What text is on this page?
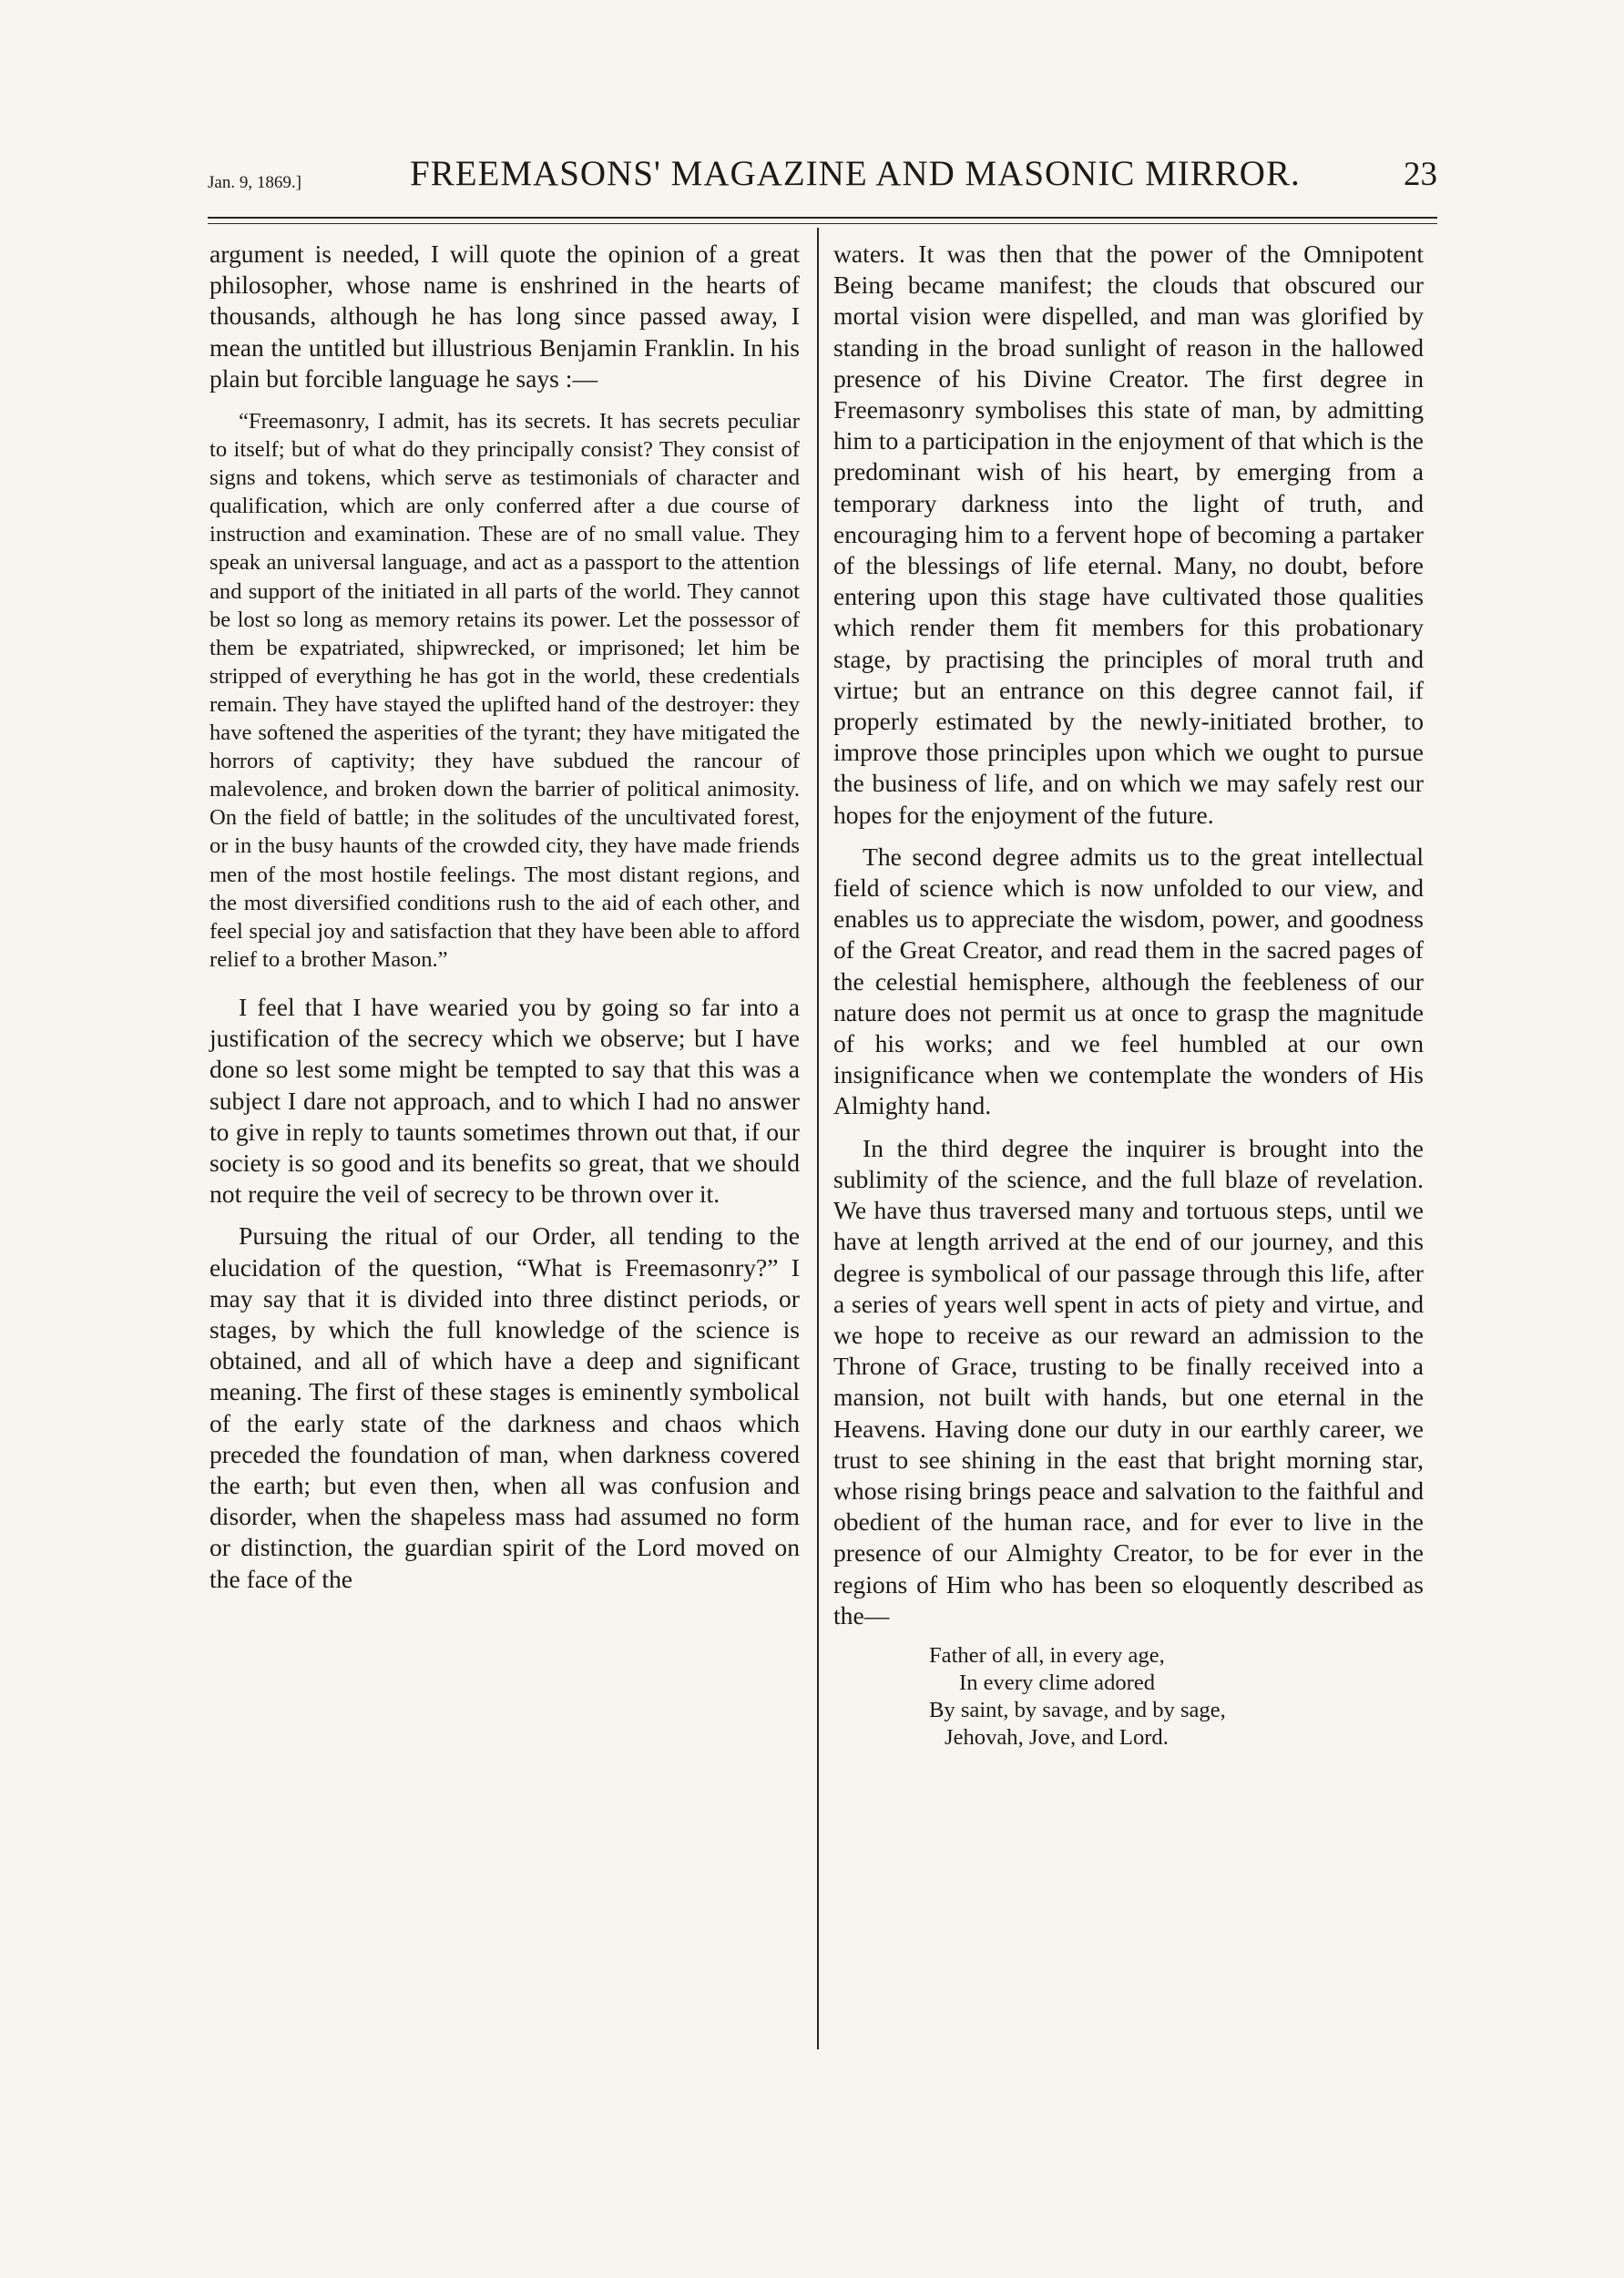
Jan. 9, 1869.]	FREEMASONS' MAGAZINE AND MASONIC MIRROR.	23

argument is needed, I will quote the opinion of a great philosopher, whose name is enshrined in the hearts of thousands, although he has long since passed away, I mean the untitled but illustrious Benjamin Franklin. In his plain but forcible language he says :—

“Freemasonry, I admit, has its secrets. It has secrets peculiar to itself; but of what do they principally consist? They consist of signs and tokens, which serve as testimonials of character and qualification, which are only conferred after a due course of instruction and examination. These are of no small value. They speak an universal language, and act as a passport to the attention and support of the initiated in all parts of the world. They cannot be lost so long as memory retains its power. Let the possessor of them be expatriated, shipwrecked, or imprisoned; let him be stripped of everything he has got in the world, these credentials remain. They have stayed the uplifted hand of the destroyer: they have softened the asperities of the tyrant; they have mitigated the horrors of captivity; they have subdued the rancour of malevolence, and broken down the barrier of political animosity. On the field of battle; in the solitudes of the uncultivated forest, or in the busy haunts of the crowded city, they have made friends men of the most hostile feelings. The most distant regions, and the most diversified conditions rush to the aid of each other, and feel special joy and satisfaction that they have been able to afford relief to a brother Mason.”

I feel that I have wearied you by going so far into a justification of the secrecy which we observe; but I have done so lest some might be tempted to say that this was a subject I dare not approach, and to which I had no answer to give in reply to taunts sometimes thrown out that, if our society is so good and its benefits so great, that we should not require the veil of secrecy to be thrown over it.

Pursuing the ritual of our Order, all tending to the elucidation of the question, “What is Freemasonry?” I may say that it is divided into three distinct periods, or stages, by which the full knowledge of the science is obtained, and all of which have a deep and significant meaning. The first of these stages is eminently symbolical of the early state of the darkness and chaos which preceded the foundation of man, when darkness covered the earth; but even then, when all was confusion and disorder, when the shapeless mass had assumed no form or distinction, the guardian spirit of the Lord moved on the face of the

waters. It was then that the power of the Omnipotent Being became manifest; the clouds that obscured our mortal vision were dispelled, and man was glorified by standing in the broad sunlight of reason in the hallowed presence of his Divine Creator. The first degree in Freemasonry symbolises this state of man, by admitting him to a participation in the enjoyment of that which is the predominant wish of his heart, by emerging from a temporary darkness into the light of truth, and encouraging him to a fervent hope of becoming a partaker of the blessings of life eternal. Many, no doubt, before entering upon this stage have cultivated those qualities which render them fit members for this probationary stage, by practising the principles of moral truth and virtue; but an entrance on this degree cannot fail, if properly estimated by the newly-initiated brother, to improve those principles upon which we ought to pursue the business of life, and on which we may safely rest our hopes for the enjoyment of the future.

The second degree admits us to the great intellectual field of science which is now unfolded to our view, and enables us to appreciate the wisdom, power, and goodness of the Great Creator, and read them in the sacred pages of the celestial hemisphere, although the feebleness of our nature does not permit us at once to grasp the magnitude of his works; and we feel humbled at our own insignificance when we contemplate the wonders of His Almighty hand.

In the third degree the inquirer is brought into the sublimity of the science, and the full blaze of revelation. We have thus traversed many and tortuous steps, until we have at length arrived at the end of our journey, and this degree is symbolical of our passage through this life, after a series of years well spent in acts of piety and virtue, and we hope to receive as our reward an admission to the Throne of Grace, trusting to be finally received into a mansion, not built with hands, but one eternal in the Heavens. Having done our duty in our earthly career, we trust to see shining in the east that bright morning star, whose rising brings peace and salvation to the faithful and obedient of the human race, and for ever to live in the presence of our Almighty Creator, to be for ever in the regions of Him who has been so eloquently described as the—

Father of all, in every age,
In every clime adored
By saint, by savage, and by sage,
Jehovah, Jove, and Lord.
